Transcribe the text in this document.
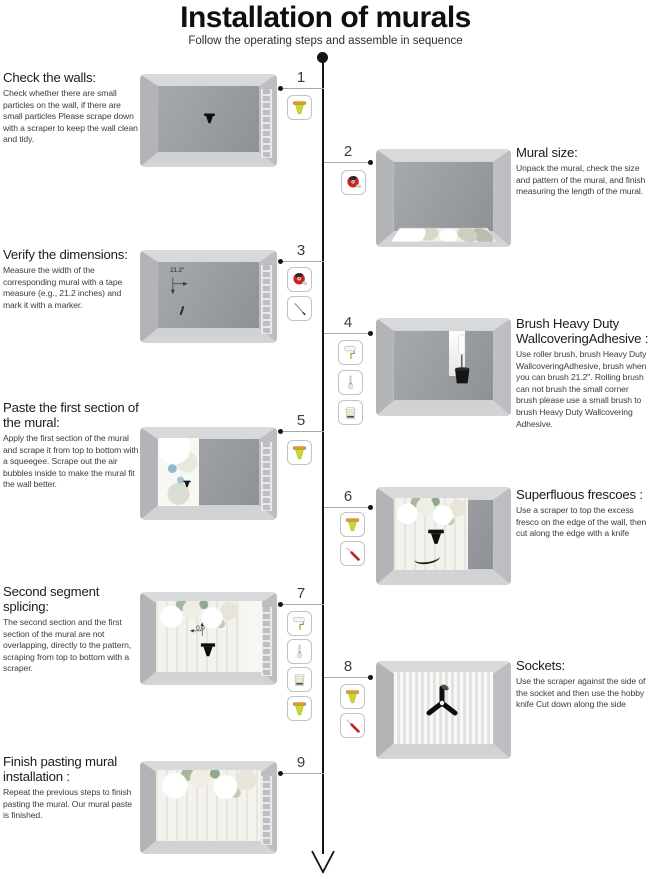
Installation of murals
Follow the operating steps and assemble in sequence
1
2
3
4
5
6
7
8
9
Check the walls:

Check whether there are small particles on the wall, if there are small particles Please scrape down with a scraper to keep the wall clean and tidy.

Mural size:

Unpack the mural, check the size and pattern of the mural, and finish measuring the length of the mural.

Verify the dimensions:

Measure the width of the corresponding mural with a tape measure (e.g., 21.2 inches) and mark it with a marker.

Brush Heavy Duty WallcoveringAdhesive :

Use roller brush, brush Heavy Duty WallcoveringAdhesive, brush when you can brush 21.2". Rolling brush can not brush the small corner brush please use a small brush to brush Heavy Duty Wallcovering Adhesive.

Paste the first section of the mural:

Apply the first section of the mural and scrape it from top to bottom with a squeegee. Scrape out the air bubbles inside to make the mural fit the wall better.

Superfluous frescoes :

Use a scraper to top the excess fresco on the edge of the wall, then cut along the edge with a knife

Second segment splicing:

The second section and the first section of the mural are not overlapping, directly to the pattern, scraping from top to bottom with a scraper.	Sockets:

Use the scraper against the side of the socket and then use the hobby knife Cut down along the side

Finish pasting mural installation :

Repeat the previous steps to finish pasting the mural. Our mural paste is finished.

21.2"
0.0
